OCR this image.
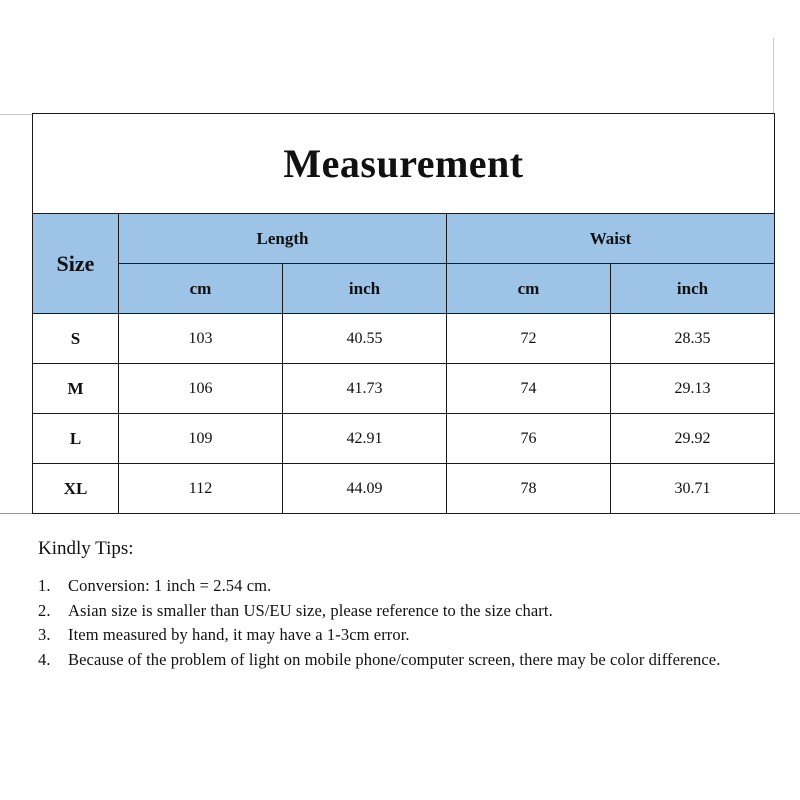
Measurement				
Size	Length		Waist	
	cm	inch	cm	inch
S	103	40.55	72	28.35
M	106	41.73	74	29.13
L	109	42.91	76	29.92
XL	112	44.09	78	30.71

Kindly Tips:

1. Conversion: 1 inch = 2.54 cm.
2. Asian size is smaller than US/EU size, please reference to the size chart.
3. Item measured by hand, it may have a 1-3cm error.
4. Because of the problem of light on mobile phone/computer screen, there may be color difference.
